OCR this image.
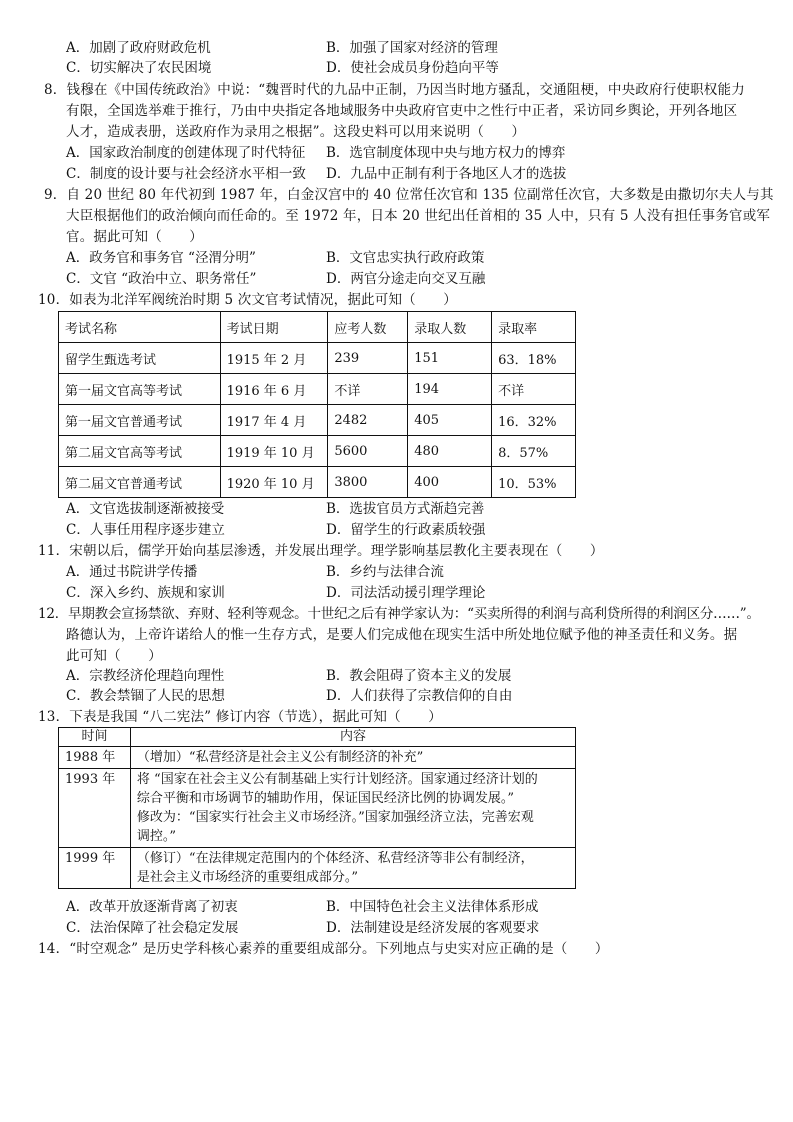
A．加剧了政府财政危机	B．加强了国家对经济的管理
C．切实解决了农民困境	D．使社会成员身份趋向平等
8．钱穆在《中国传统政治》中说：“魏晋时代的九品中正制，乃因当时地方骚乱，交通阻梗，中央政府行使职权能力
有限，全国选举难于推行，乃由中央指定各地域服务中央政府官吏中之性行中正者，采访同乡舆论，开列各地区
人才，造成表册，送政府作为录用之根据”。这段史料可以用来说明（　　）
A．国家政治制度的创建体现了时代特征 B．选官制度体现中央与地方权力的博弈
C．制度的设计要与社会经济水平相一致 D．九品中正制有利于各地区人才的选拔
9．自 20 世纪 80 年代初到 1987 年，白金汉宫中的 40 位常任次官和 135 位副常任次官，大多数是由撒切尔夫人与其
大臣根据他们的政治倾向而任命的。至 1972 年，日本 20 世纪出任首相的 35 人中，只有 5 人没有担任事务官或军
官。据此可知（　　）
A．政务官和事务官 “泾渭分明”	B．文官忠实执行政府政策
C．文官 “政治中立、职务常任”	D．两官分途走向交叉互融
10．如表为北洋军阀统治时期 5 次文官考试情况，据此可知（　　）
考试名称	考试日期	应考人数	录取人数	录取率
留学生甄选考试	1915 年 2 月	239	151	63．18%
第一届文官高等考试	1916 年 6 月	不详	194	不详
第一届文官普通考试	1917 年 4 月	2482	405	16．32%
第二届文官高等考试	1919 年 10 月	5600	480	8．57%
第二届文官普通考试	1920 年 10 月	3800	400	10．53%
A．文官选拔制逐渐被接受	B．选拔官员方式渐趋完善
C．人事任用程序逐步建立	D．留学生的行政素质较强
11．宋朝以后，儒学开始向基层渗透，并发展出理学。理学影响基层教化主要表现在（　　）
A．通过书院讲学传播	B．乡约与法律合流
C．深入乡约、族规和家训	D．司法活动援引理学理论
12．早期教会宣扬禁欲、弃财、轻利等观念。十世纪之后有神学家认为：“买卖所得的利润与高利贷所得的利润区分……”。
路德认为，上帝许诺给人的惟一生存方式，是要人们完成他在现实生活中所处地位赋予他的神圣责任和义务。据
此可知（　　）
A．宗教经济伦理趋向理性	B．教会阻碍了资本主义的发展
C．教会禁锢了人民的思想	D．人们获得了宗教信仰的自由
13．下表是我国 “八二宪法” 修订内容（节选），据此可知（　　）
时间	内容
1988 年	（增加）“私营经济是社会主义公有制经济的补充”

1993 年	将 “国家在社会主义公有制基础上实行计划经济。国家通过经济计划的
综合平衡和市场调节的辅助作用，保证国民经济比例的协调发展。”
修改为：“国家实行社会主义市场经济。”国家加强经济立法，完善宏观
调控。”

1999 年	（修订）“在法律规定范围内的个体经济、私营经济等非公有制经济，
是社会主义市场经济的重要组成部分。”
A．改革开放逐渐背离了初衷	B．中国特色社会主义法律体系形成
C．法治保障了社会稳定发展	D．法制建设是经济发展的客观要求
14．“时空观念” 是历史学科核心素养的重要组成部分。下列地点与史实对应正确的是（　　）
